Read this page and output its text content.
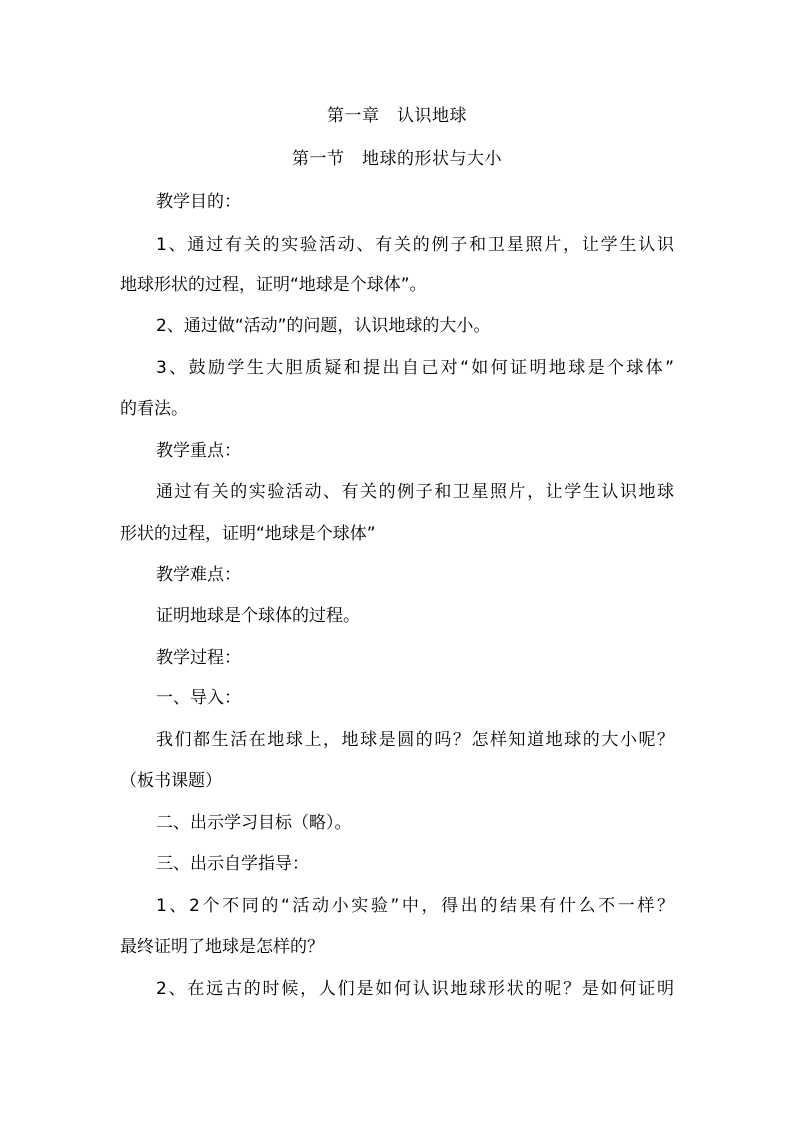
第一章　认识地球

第一节　地球的形状与大小

教学目的：

1、通过有关的实验活动、有关的例子和卫星照片，让学生认识

地球形状的过程，证明“地球是个球体”。

2、通过做“活动”的问题，认识地球的大小。

3、鼓励学生大胆质疑和提出自己对“如何证明地球是个球体”

的看法。

教学重点：

通过有关的实验活动、有关的例子和卫星照片，让学生认识地球

形状的过程，证明“地球是个球体”

教学难点：

证明地球是个球体的过程。

教学过程：

一、导入：

我们都生活在地球上，地球是圆的吗？怎样知道地球的大小呢？

（板书课题）

二、出示学习目标（略）。

三、出示自学指导：

1、2个不同的“活动小实验”中，得出的结果有什么不一样？

最终证明了地球是怎样的？

2、在远古的时候，人们是如何认识地球形状的呢？是如何证明
